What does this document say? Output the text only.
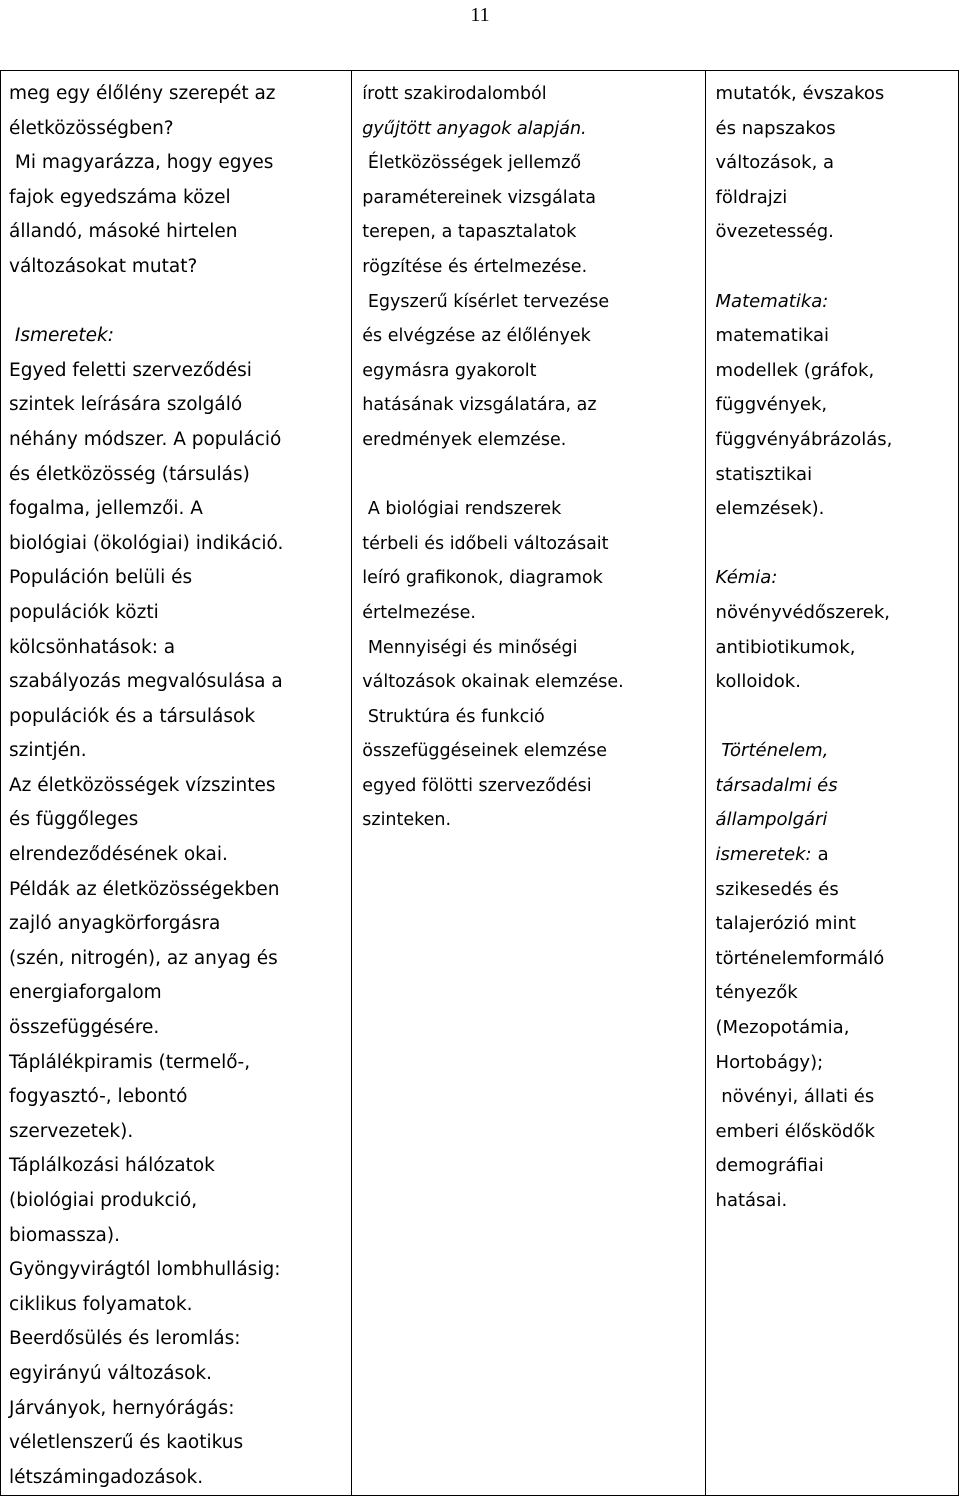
11
meg egy élőlény szerepét az
életközösségben?
Mi magyarázza, hogy egyes
fajok egyedszáma közel
állandó, másoké hirtelen
változásokat mutat?
Ismeretek:
Egyed feletti szerveződési
szintek leírására szolgáló
néhány módszer. A populáció
és életközösség (társulás)
fogalma, jellemzői. A
biológiai (ökológiai) indikáció.
Populáción belüli és
populációk közti
kölcsönhatások: a
szabályozás megvalósulása a
populációk és a társulások
szintjén.
Az életközösségek vízszintes
és függőleges
elrendeződésének okai.
Példák az életközösségekben
zajló anyagkörforgásra
(szén, nitrogén), az anyag és
energiaforgalom
összefüggésére.
Táplálékpiramis (termelő-,
fogyasztó-, lebontó
szervezetek).
Táplálkozási hálózatok
(biológiai produkció,
biomassza).
Gyöngyvirágtól lombhullásig:
ciklikus folyamatok.
Beerdősülés és leromlás:
egyirányú változások.
Járványok, hernyórágás:
véletlenszerű és kaotikus
létszámingadozások.
írott szakirodalomból
gyűjtött anyagok alapján.
Életközösségek jellemző
paramétereinek vizsgálata
terepen, a tapasztalatok
rögzítése és értelmezése.
Egyszerű kísérlet tervezése
és elvégzése az élőlények
egymásra gyakorolt
hatásának vizsgálatára, az
eredmények elemzése.
A biológiai rendszerek
térbeli és időbeli változásait
leíró grafikonok, diagramok
értelmezése.
Mennyiségi és minőségi
változások okainak elemzése.
Struktúra és funkció
összefüggéseinek elemzése
egyed fölötti szerveződési
szinteken.
mutatók, évszakos
és napszakos
változások, a
földrajzi
övezetesség.
Matematika:
matematikai
modellek (gráfok,
függvények,
függvényábrázolás,
statisztikai
elemzések).
Kémia:
növényvédőszerek,
antibiotikumok,
kolloidok.
Történelem,
társadalmi és
állampolgári
ismeretek: a
szikesedés és
talajerózió mint
történelemformáló
tényezők
(Mezopotámia,
Hortobágy);
növényi, állati és
emberi élősködők
demográfiai
hatásai.
